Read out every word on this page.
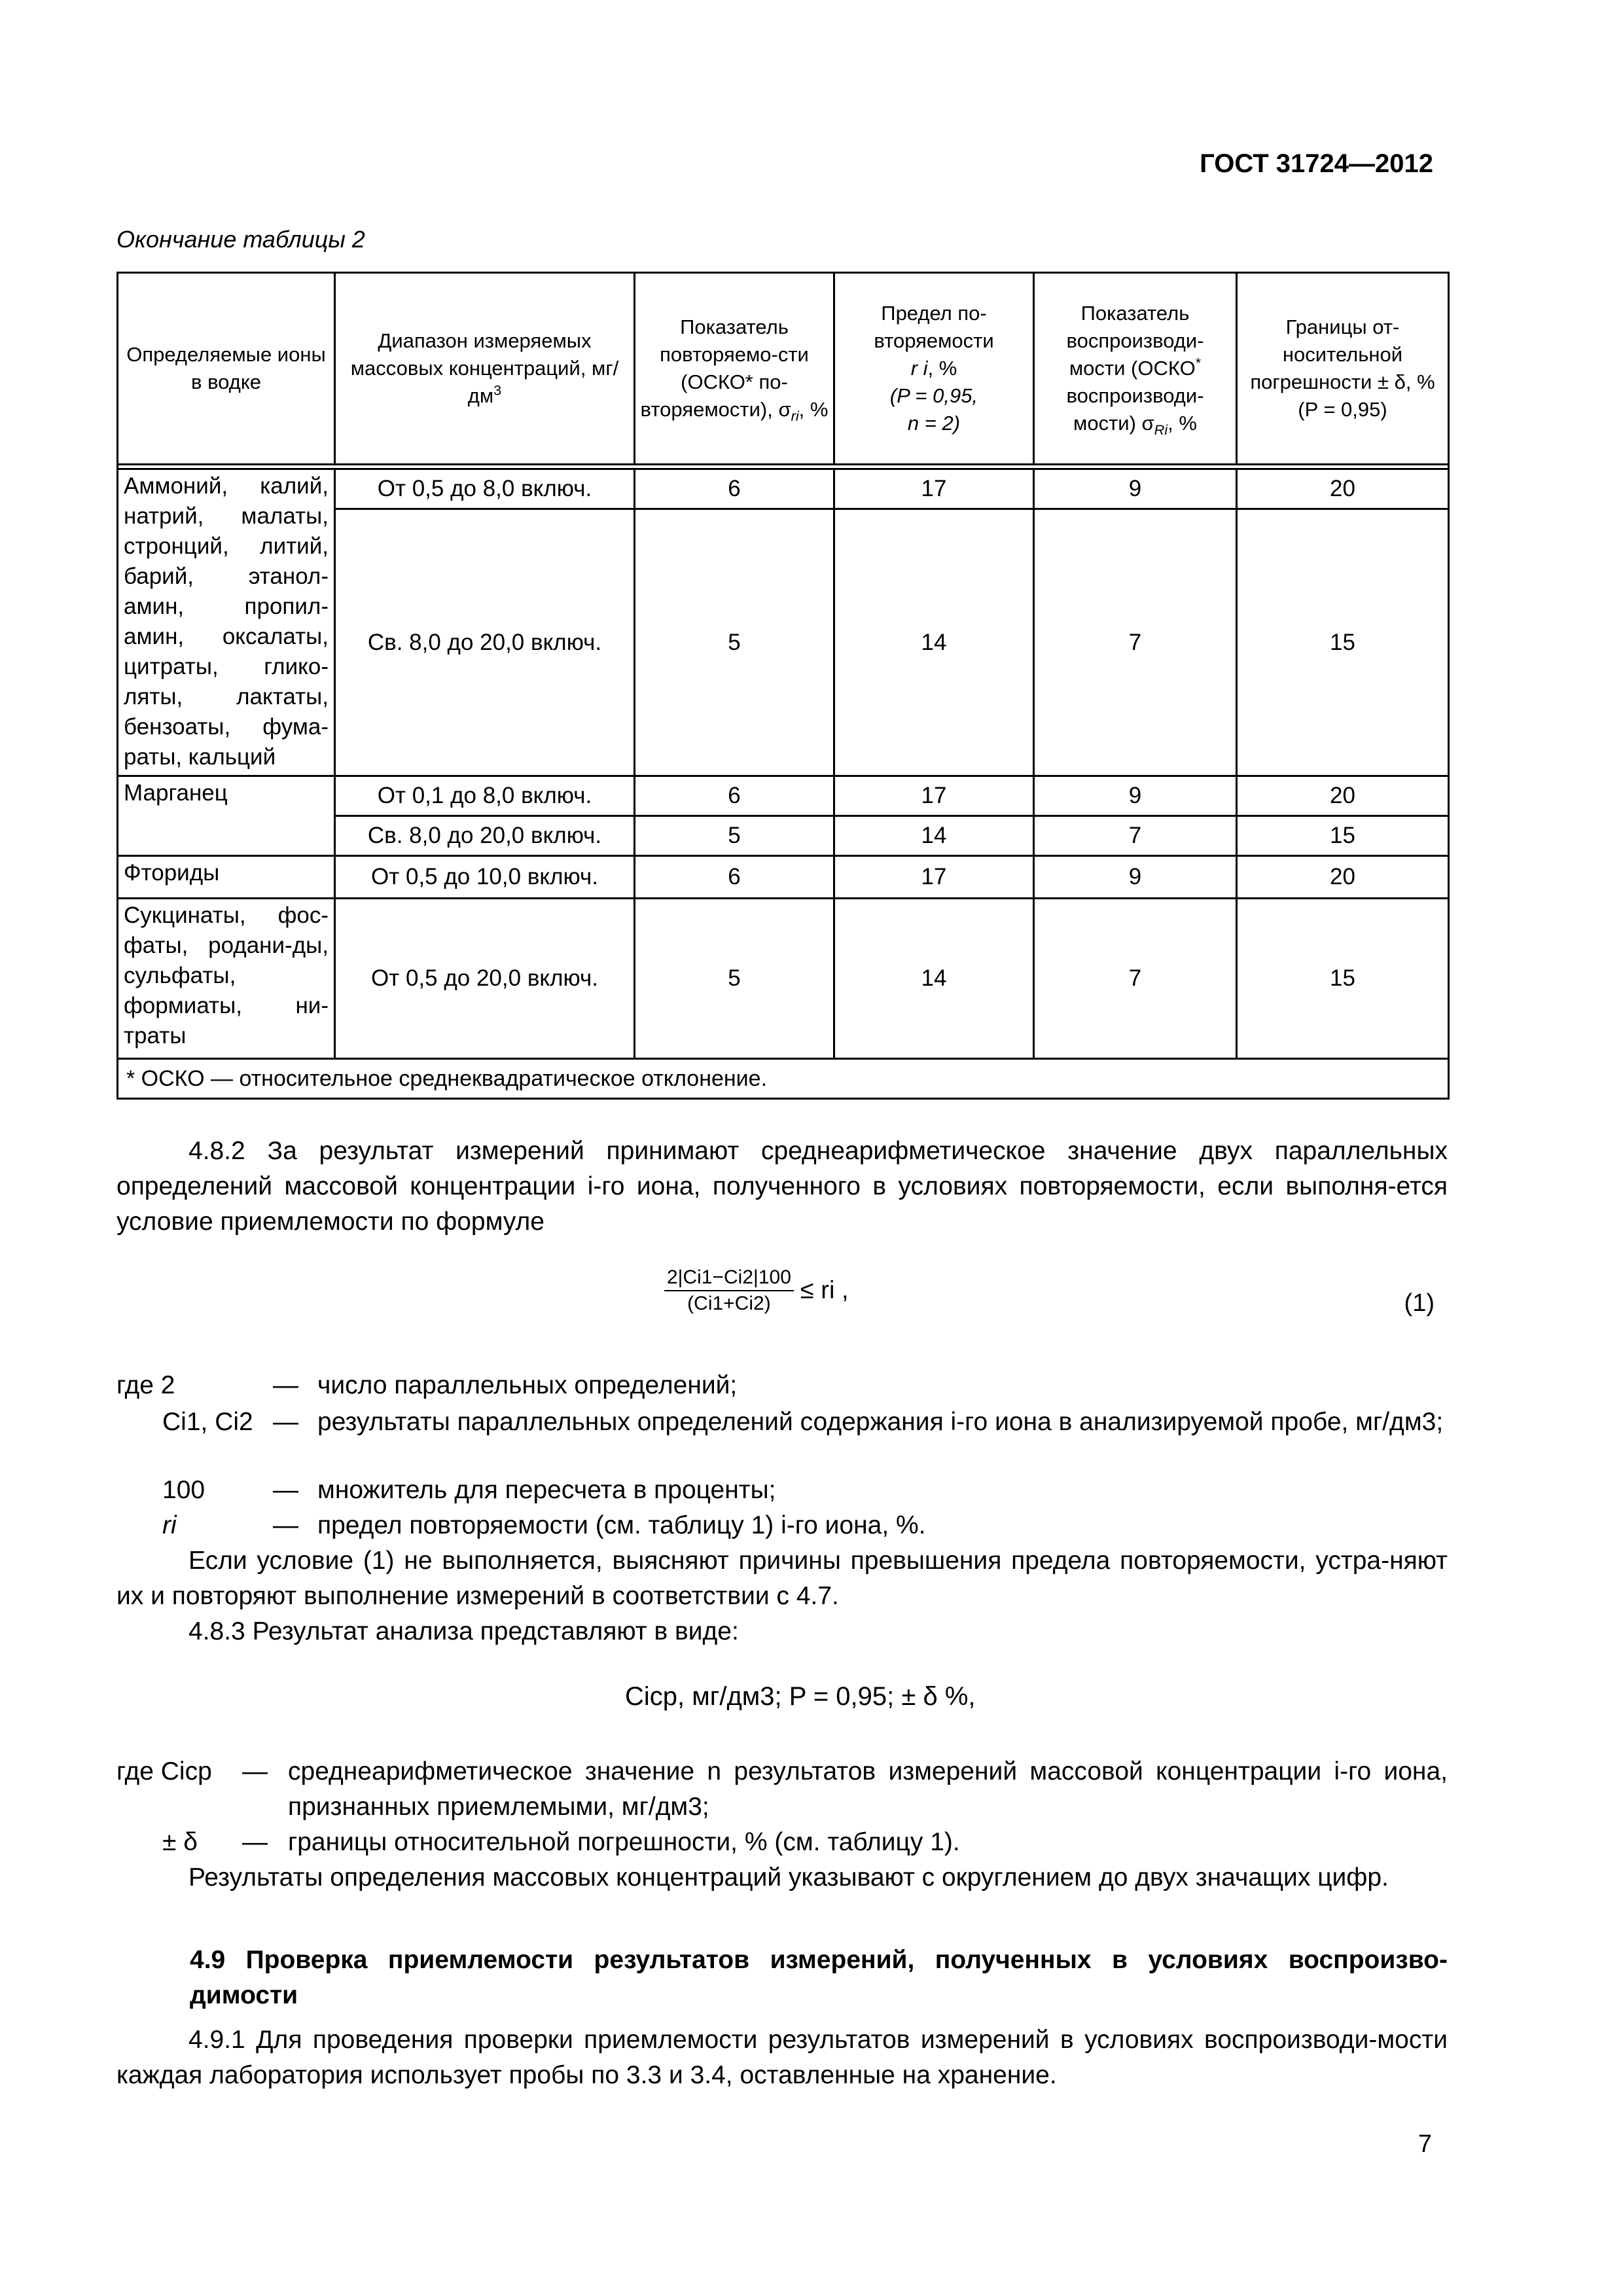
ГОСТ 31724—2012
Окончание таблицы 2
Определяемые ионы в водке	Диапазон измеряемых массовых концентраций, $мг/дм^3$	Показатель повторяемо-сти (ОСКО* по-вторяемости), $\sigma_{ri}$, %	Предел по-вторяемости
r i, %
(P = 0,95,
n = 2)	Показатель воспроизводи-мости (ОСКО* воспроизводи-мости) $\sigma_{Ri}$, %	Границы от-носительной погрешности ± δ, % (P = 0,95)

Аммоний, калий, натрий, малаты, стронций, литий, барий, этанол-амин, пропил-амин, оксалаты, цитраты, глико-ляты, лактаты, бензоаты, фума-раты, кальций	От 0,5 до 8,0 включ.	6	17	9	20
	Св. 8,0 до 20,0 включ.	5	14	7	15
Марганец	От 0,1 до 8,0 включ.	6	17	9	20
	Св. 8,0 до 20,0 включ.	5	14	7	15
Фториды	От 0,5 до 10,0 включ.	6	17	9	20
Сукцинаты, фос-фаты, родани-ды, сульфаты, формиаты, ни-траты	От 0,5 до 20,0 включ.	5	14	7	15
* ОСКО — относительное среднеквадратическое отклонение.					
4.8.2 За результат измерений принимают среднеарифметическое значение двух параллельных определений массовой концентрации i-го иона, полученного в условиях повторяемости, если выполня-ется условие приемлемости по формуле
$\frac{2|Ci1-Ci2|100}{(Ci1+Ci2)}$ ≤ ri ,	(1)
где 2	— число параллельных определений;
Ci1, Ci2 — результаты параллельных определений содержания i-го иона в анализируемой пробе, мг/дм3;
100	— множитель для пересчета в проценты;
ri	— предел повторяемости (см. таблицу 1) i-го иона, %.
Если условие (1) не выполняется, выясняют причины превышения предела повторяемости, устра-няют их и повторяют выполнение измерений в соответствии с 4.7.
4.8.3 Результат анализа представляют в виде:
Ciср, мг/дм3; P = 0,95; ± δ %,
где Ciср — среднеарифметическое значение n результатов измерений массовой концентрации i-го иона, признанных приемлемыми, мг/дм3;
± δ — границы относительной погрешности, % (см. таблицу 1).
Результаты определения массовых концентраций указывают с округлением до двух значащих цифр.
4.9 Проверка приемлемости результатов измерений, полученных в условиях воспроизво-димости
4.9.1 Для проведения проверки приемлемости результатов измерений в условиях воспроизводи-мости каждая лаборатория использует пробы по 3.3 и 3.4, оставленные на хранение.
7
